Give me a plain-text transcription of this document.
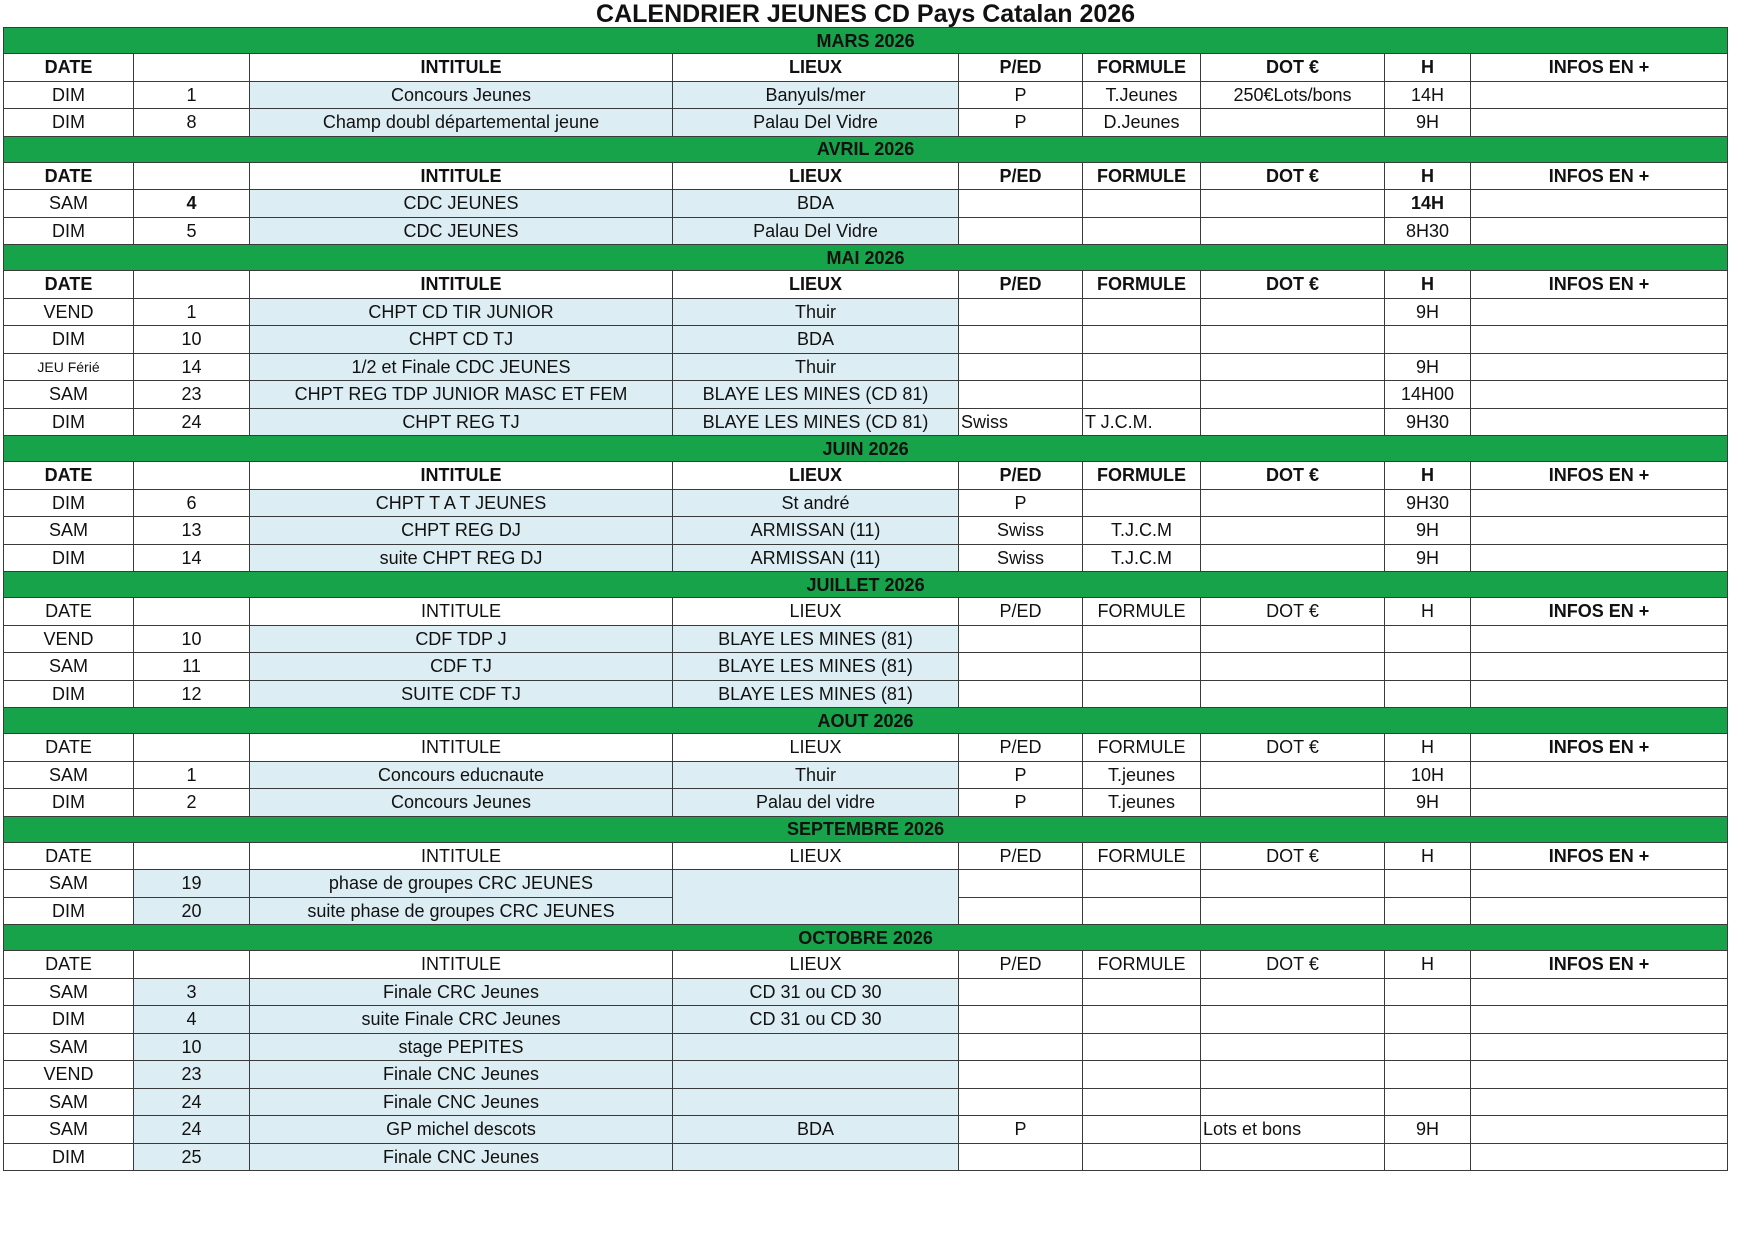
CALENDRIER JEUNES CD Pays Catalan 2026								
MARS 2026								
DATE		INTITULE	LIEUX	P/ED	FORMULE	DOT €	H	INFOS EN +
DIM	1	Concours Jeunes	Banyuls/mer	P	T.Jeunes	250€Lots/bons	14H	
DIM	8	Champ doubl départemental jeune	Palau Del Vidre	P	D.Jeunes		9H	
AVRIL 2026								
DATE		INTITULE	LIEUX	P/ED	FORMULE	DOT €	H	INFOS EN +
SAM	4	CDC JEUNES	BDA				14H	
DIM	5	CDC JEUNES	Palau Del Vidre				8H30	
MAI 2026								
DATE		INTITULE	LIEUX	P/ED	FORMULE	DOT €	H	INFOS EN +
VEND	1	CHPT CD TIR JUNIOR	Thuir				9H	
DIM	10	CHPT CD TJ	BDA					
JEU Férié	14	1/2 et Finale CDC JEUNES	Thuir				9H	
SAM	23	CHPT REG TDP JUNIOR MASC ET FEM	BLAYE LES MINES (CD 81)				14H00	
DIM	24	CHPT REG TJ	BLAYE LES MINES (CD 81)	Swiss	T J.C.M.		9H30	
JUIN 2026								
DATE		INTITULE	LIEUX	P/ED	FORMULE	DOT €	H	INFOS EN +
DIM	6	CHPT T A T JEUNES	St andré	P			9H30	
SAM	13	CHPT REG DJ	ARMISSAN (11)	Swiss	T.J.C.M		9H	
DIM	14	suite CHPT REG DJ	ARMISSAN (11)	Swiss	T.J.C.M		9H	
JUILLET 2026								
DATE		INTITULE	LIEUX	P/ED	FORMULE	DOT €	H	INFOS EN +
VEND	10	CDF TDP J	BLAYE LES MINES (81)					
SAM	11	CDF TJ	BLAYE LES MINES (81)					
DIM	12	SUITE CDF TJ	BLAYE LES MINES (81)					
AOUT 2026								
DATE		INTITULE	LIEUX	P/ED	FORMULE	DOT €	H	INFOS EN +
SAM	1	Concours educnaute	Thuir	P	T.jeunes		10H	
DIM	2	Concours Jeunes	Palau del vidre	P	T.jeunes		9H	
SEPTEMBRE 2026								
DATE		INTITULE	LIEUX	P/ED	FORMULE	DOT €	H	INFOS EN +
SAM	19	phase de groupes CRC JEUNES						
DIM	20	suite phase de groupes CRC JEUNES						
OCTOBRE 2026								
DATE		INTITULE	LIEUX	P/ED	FORMULE	DOT €	H	INFOS EN +
SAM	3	Finale CRC Jeunes	CD 31 ou CD 30					
DIM	4	suite Finale CRC Jeunes	CD 31 ou CD 30					
SAM	10	stage PEPITES						
VEND	23	Finale CNC Jeunes						
SAM	24	Finale CNC Jeunes						
SAM	24	GP michel descots	BDA	P		Lots et bons	9H	
DIM	25	Finale CNC Jeunes						
